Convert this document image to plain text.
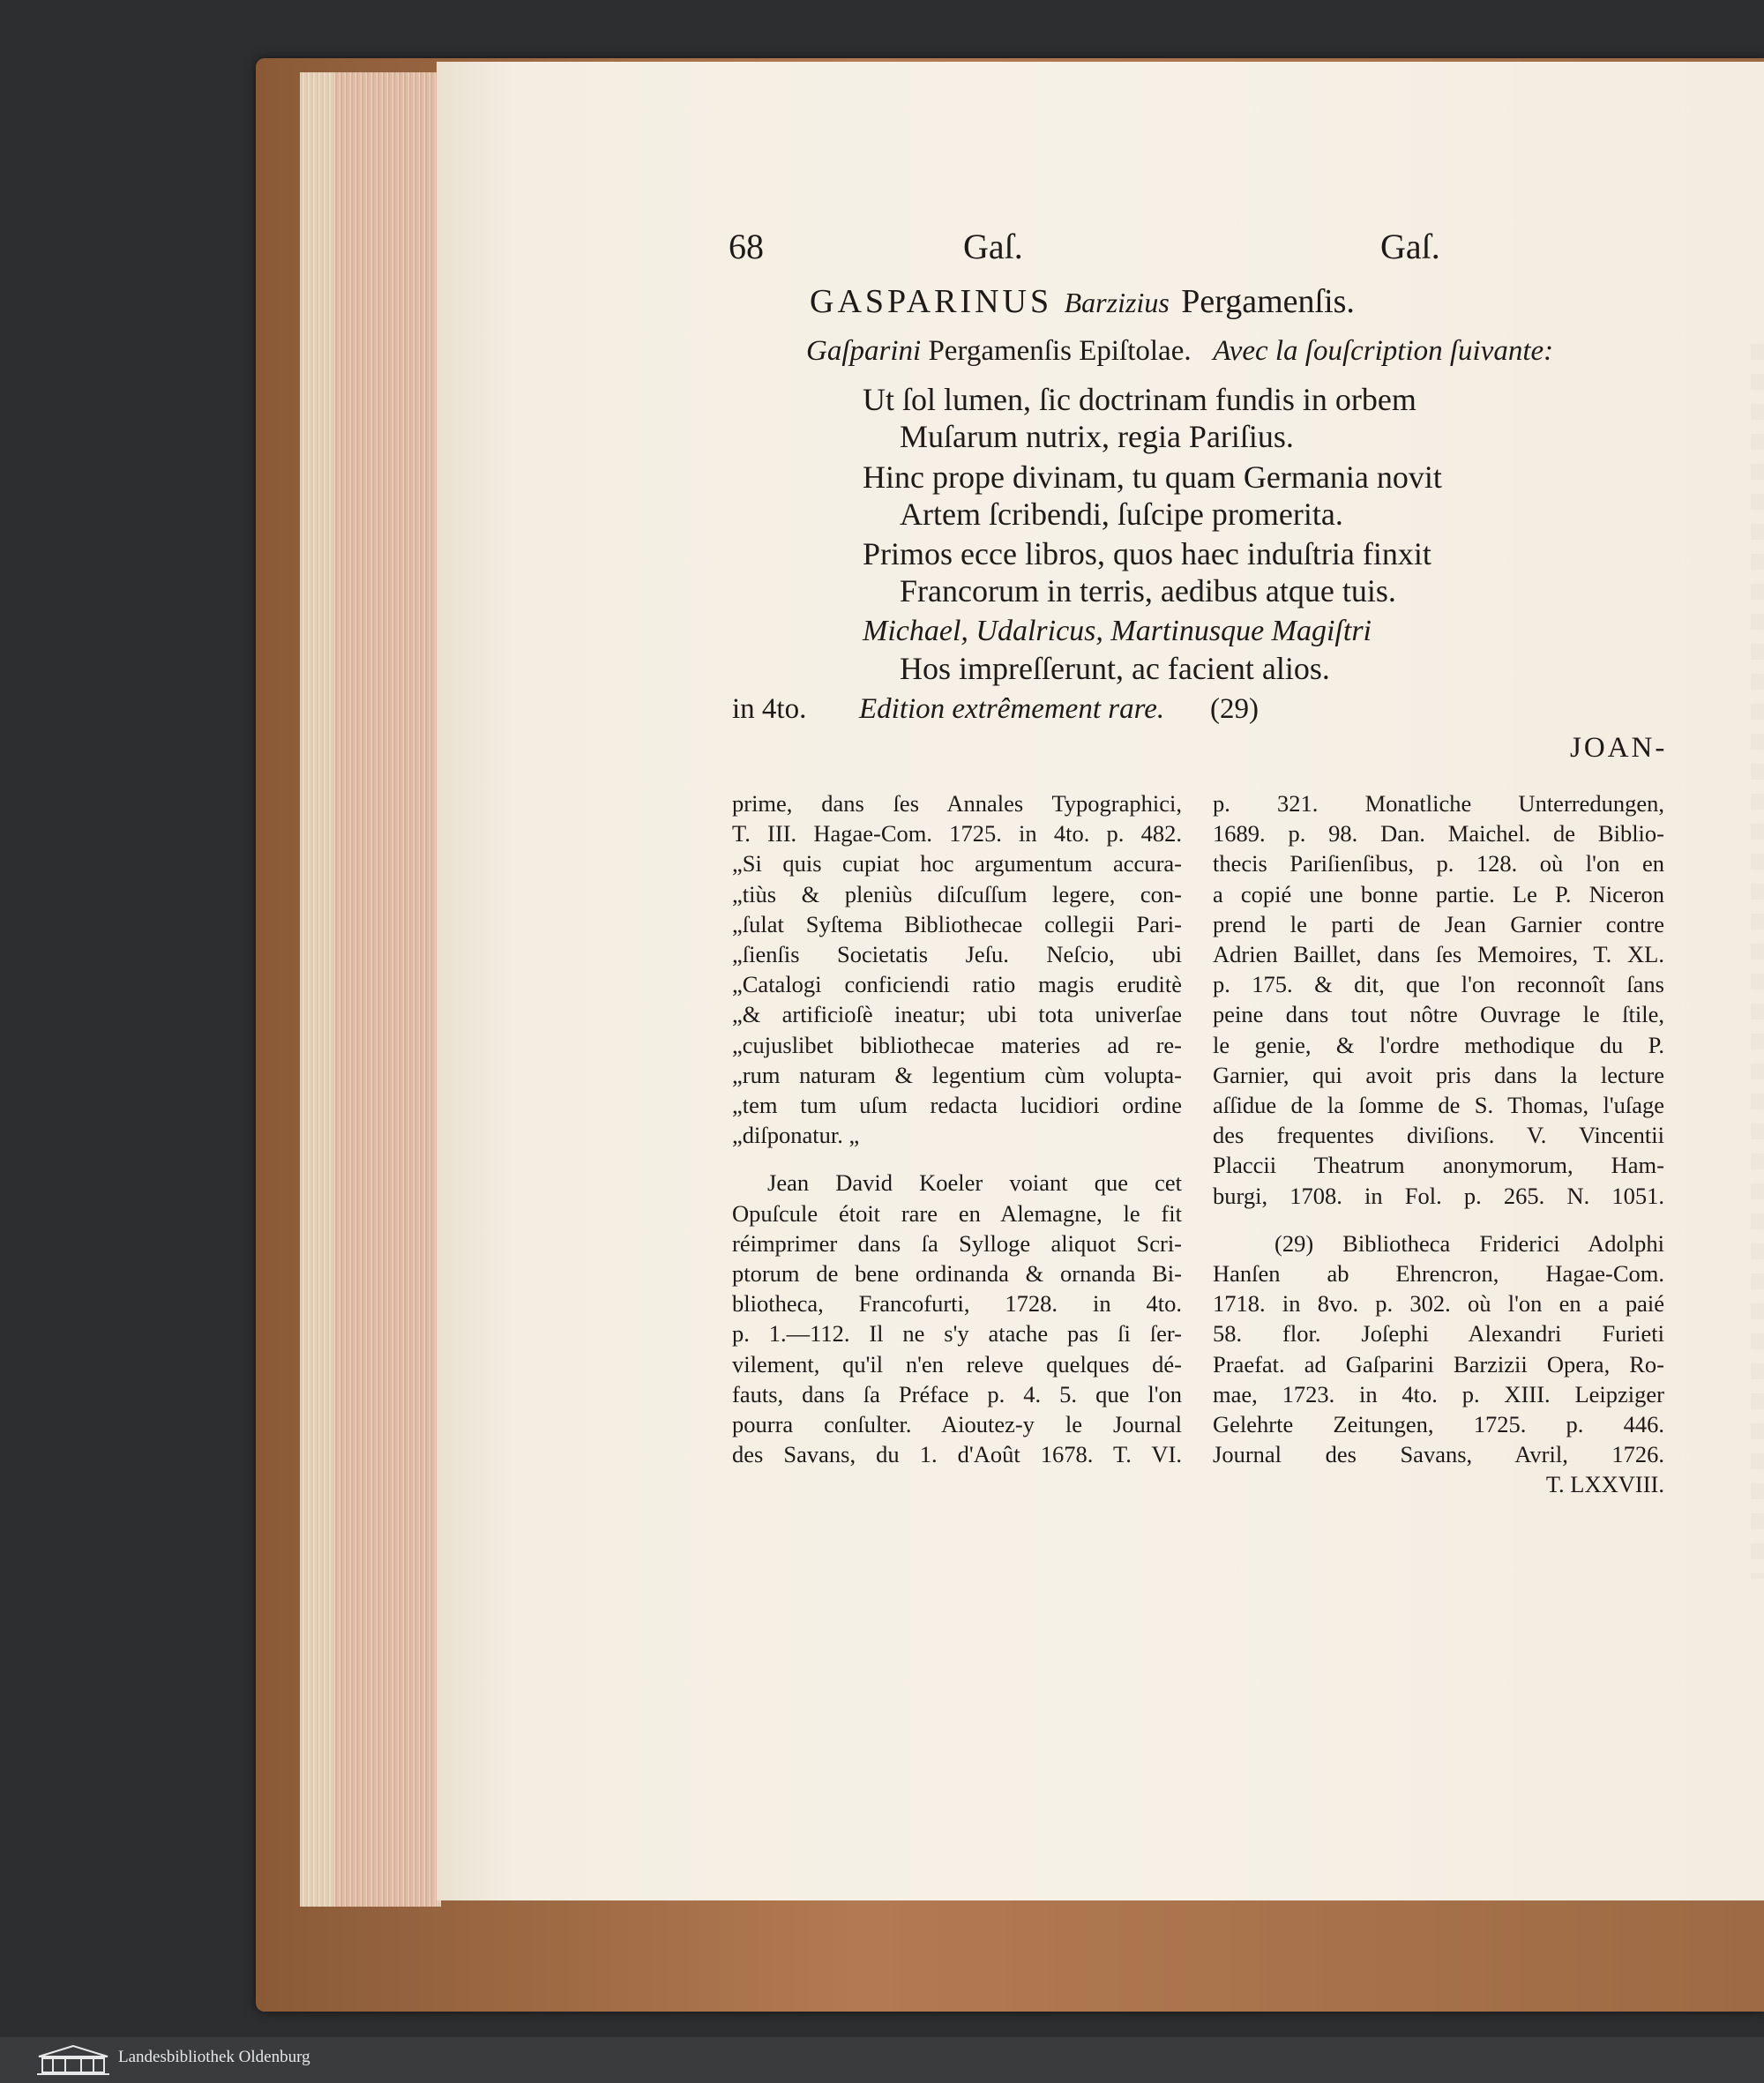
68	Gaſ.	Gaſ.
GASPARINUS Barzizius Pergamenſis.
Gaſparini Pergamenſis Epiſtolae. Avec la ſouſcription ſuivante:
Ut ſol lumen, ſic doctrinam fundis in orbem
Muſarum nutrix, regia Pariſius.
Hinc prope divinam, tu quam Germania novit
Artem ſcribendi, ſuſcipe promerita.
Primos ecce libros, quos haec induſtria finxit
Francorum in terris, aedibus atque tuis.
Michael, Udalricus, Martinusque Magiſtri
Hos impreſſerunt, ac facient alios.
in 4to. Edition extrêmement rare. (29)
JOAN-
prime, dans ſes Annales Typographici,
T. III. Hagae-Com. 1725. in 4to. p. 482.
„Si quis cupiat hoc argumentum accura-
„tiùs & pleniùs diſcuſſum legere, con-
„ſulat Syſtema Bibliothecae collegii Pari-
„ſienſis Societatis Jeſu. Neſcio, ubi
„Catalogi conficiendi ratio magis eruditè
„& artificioſè ineatur; ubi tota univerſae
„cujuslibet bibliothecae materies ad re-
„rum naturam & legentium cùm volupta-
„tem tum uſum redacta lucidiori ordine
„diſponatur. „
Jean David Koeler voiant que cet
Opuſcule étoit rare en Alemagne, le fit
réimprimer dans ſa Sylloge aliquot Scri-
ptorum de bene ordinanda & ornanda Bi-
bliotheca, Francofurti, 1728. in 4to.
p. 1.—112. Il ne s'y atache pas ſi ſer-
vilement, qu'il n'en releve quelques dé-
fauts, dans ſa Préface p. 4. 5. que l'on
pourra conſulter. Aioutez-y le Journal
des Savans, du 1. d'Août 1678. T. VI.
p. 321. Monatliche Unterredungen,
1689. p. 98. Dan. Maichel. de Biblio-
thecis Pariſienſibus, p. 128. où l'on en
a copié une bonne partie. Le P. Niceron
prend le parti de Jean Garnier contre
Adrien Baillet, dans ſes Memoires, T. XL.
p. 175. & dit, que l'on reconnoît ſans
peine dans tout nôtre Ouvrage le ſtile,
le genie, & l'ordre methodique du P.
Garnier, qui avoit pris dans la lecture
aſſidue de la ſomme de S. Thomas, l'uſage
des frequentes diviſions. V. Vincentii
Placcii Theatrum anonymorum, Ham-
burgi, 1708. in Fol. p. 265. N. 1051.
(29) Bibliotheca Friderici Adolphi
Hanſen ab Ehrencron, Hagae-Com.
1718. in 8vo. p. 302. où l'on en a paié
58. flor. Joſephi Alexandri Furieti
Praefat. ad Gaſparini Barzizii Opera, Ro-
mae, 1723. in 4to. p. XIII. Leipziger
Gelehrte Zeitungen, 1725. p. 446.
Journal des Savans, Avril, 1726.
T. LXXVIII.
Landesbibliothek Oldenburg
